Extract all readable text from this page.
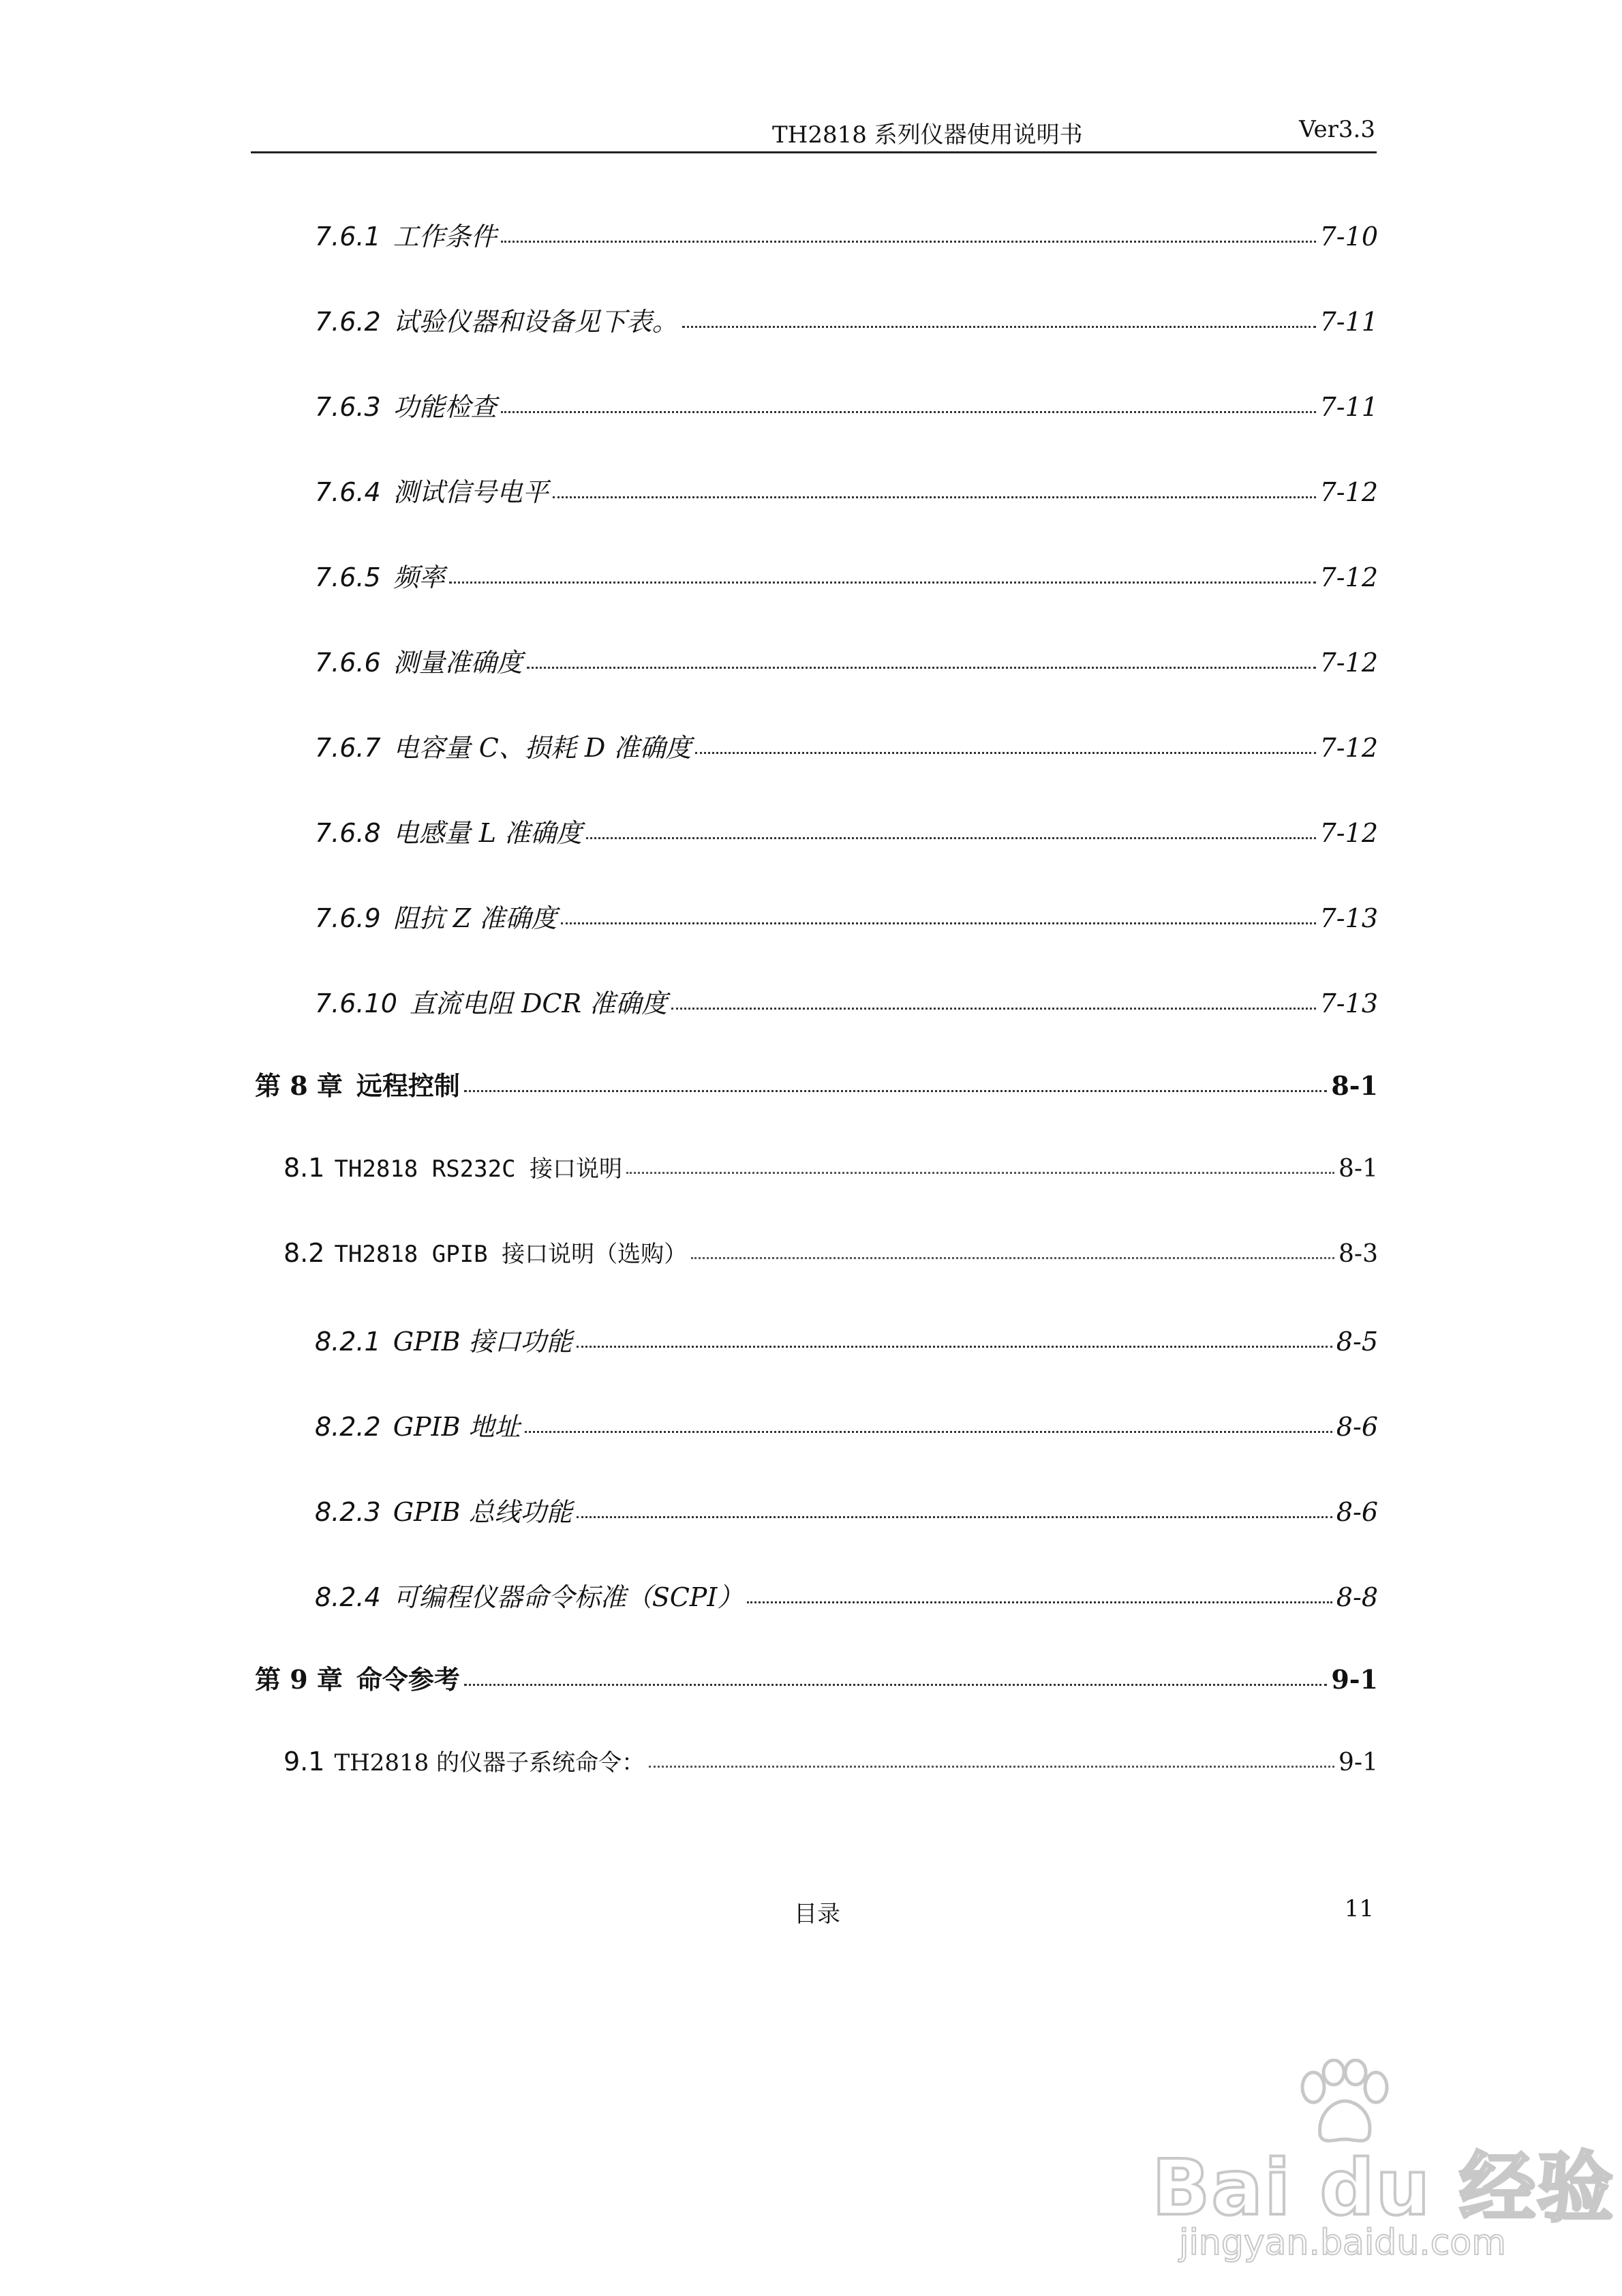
TH2818 系列仪器使用说明书	Ver3.3
7.6.1 工作条件	7-10
7.6.2 试验仪器和设备见下表。	7-11
7.6.3 功能检查	7-11
7.6.4 测试信号电平	7-12
7.6.5 频率	7-12
7.6.6 测量准确度	7-12
7.6.7 电容量 C、损耗 D 准确度	7-12
7.6.8 电感量 L 准确度	7-12
7.6.9 阻抗 Z 准确度	7-13
7.6.10 直流电阻 DCR 准确度	7-13
第 8 章 远程控制	8-1
8.1 TH2818 RS232C 接口说明	8-1
8.2 TH2818 GPIB 接口说明（选购）	8-3
8.2.1 GPIB 接口功能	8-5
8.2.2 GPIB 地址	8-6
8.2.3 GPIB 总线功能	8-6
8.2.4 可编程仪器命令标准（SCPI）	8-8
第 9 章 命令参考	9-1
9.1 TH2818 的仪器子系统命令：	9-1
目录	11
Bai du 经验
jingyan.baidu.com
